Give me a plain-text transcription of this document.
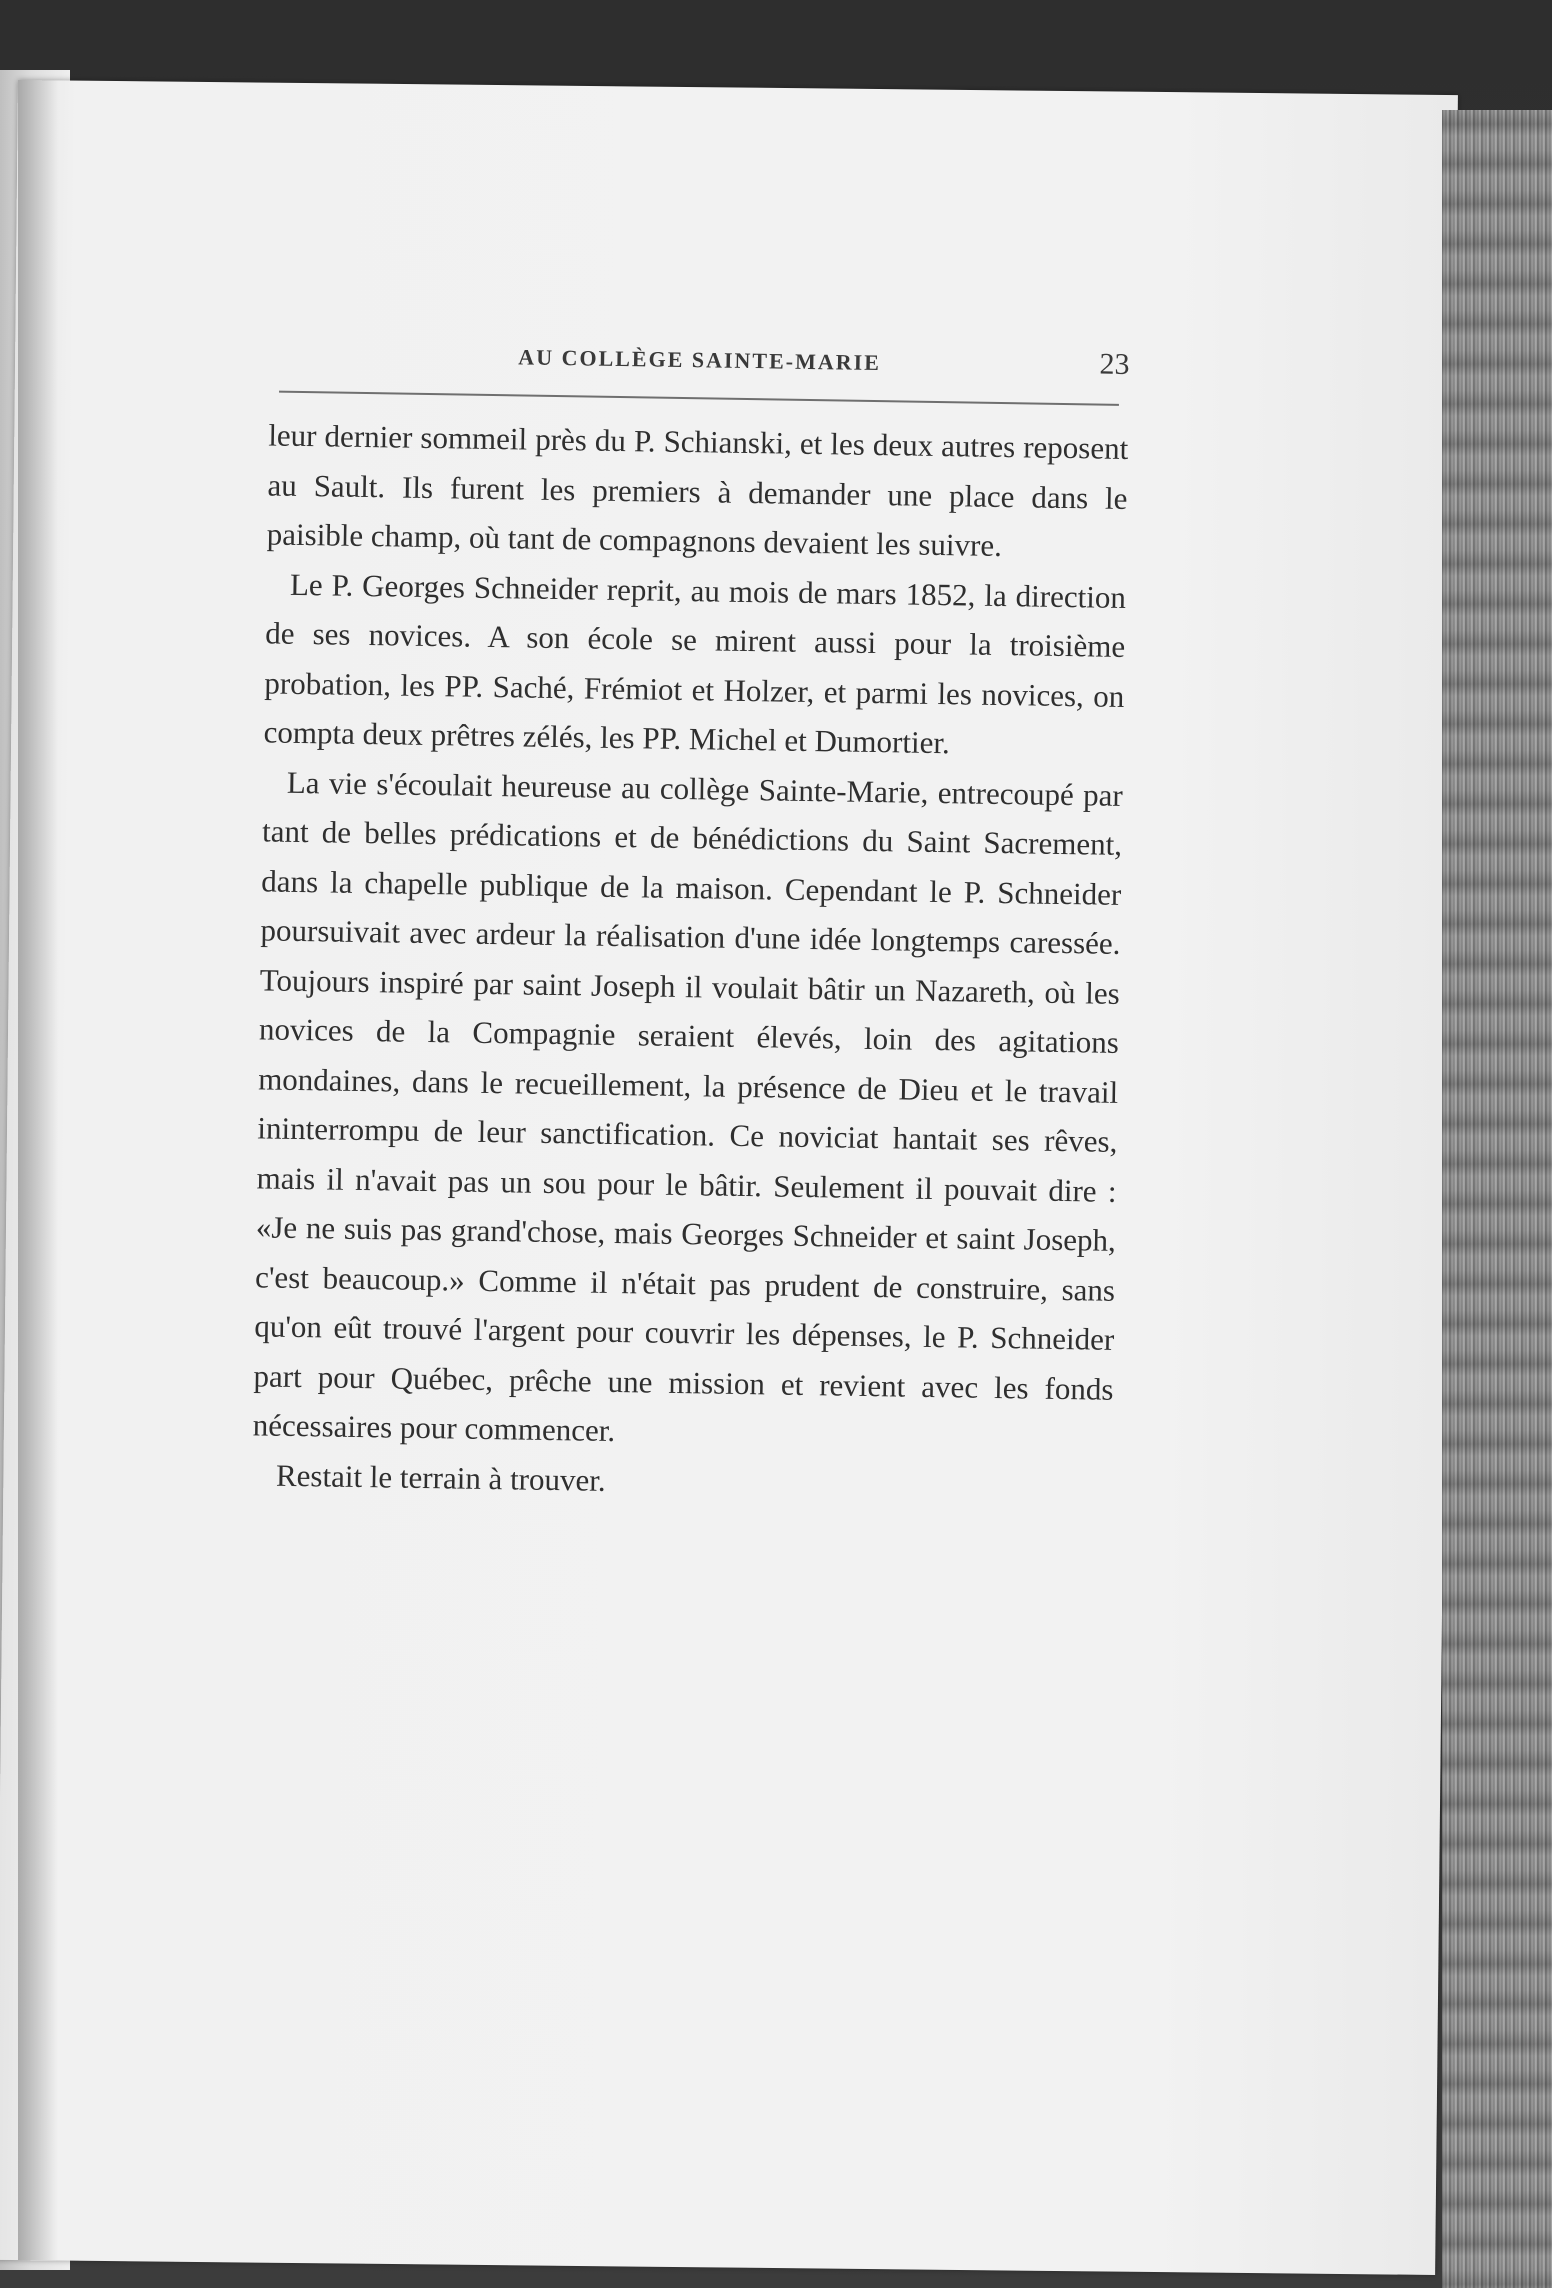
AU COLLÈGE SAINTE-MARIE	23

leur dernier sommeil près du P. Schianski, et les deux autres reposent au Sault. Ils furent les premiers à demander une place dans le paisible champ, où tant de compagnons devaient les suivre.

Le P. Georges Schneider reprit, au mois de mars 1852, la direction de ses novices. A son école se mirent aussi pour la troisième probation, les PP. Saché, Frémiot et Holzer, et parmi les novices, on compta deux prêtres zélés, les PP. Michel et Dumortier.

La vie s'écoulait heureuse au collège Sainte-Marie, entrecoupé par tant de belles prédications et de bénédictions du Saint Sacrement, dans la chapelle publique de la maison. Cependant le P. Schneider poursuivait avec ardeur la réalisation d'une idée longtemps caressée. Toujours inspiré par saint Joseph il voulait bâtir un Nazareth, où les novices de la Compagnie seraient élevés, loin des agitations mondaines, dans le recueillement, la présence de Dieu et le travail ininterrompu de leur sanctification. Ce noviciat hantait ses rêves, mais il n'avait pas un sou pour le bâtir. Seulement il pouvait dire : «Je ne suis pas grand'chose, mais Georges Schneider et saint Joseph, c'est beaucoup.» Comme il n'était pas prudent de construire, sans qu'on eût trouvé l'argent pour couvrir les dépenses, le P. Schneider part pour Québec, prêche une mission et revient avec les fonds nécessaires pour commencer.

Restait le terrain à trouver.
